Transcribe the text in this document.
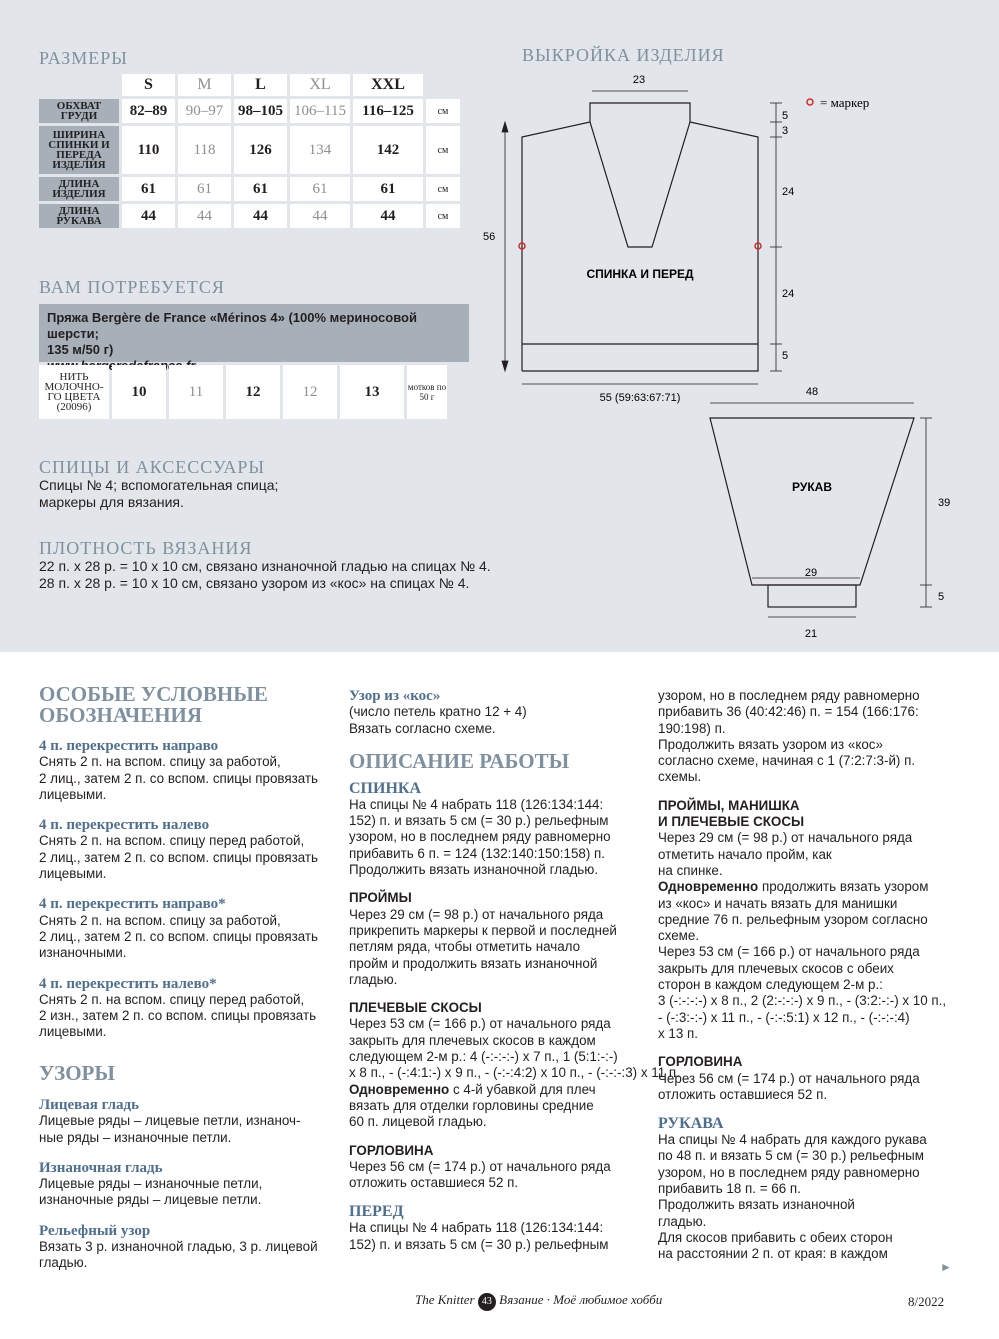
РАЗМЕРЫ
	S	M	L	XL	XXL	
ОБХВАТ ГРУДИ	82–89	90–97	98–105	106–115	116–125	см
ШИРИНА СПИНКИ И ПЕРЕДА ИЗДЕЛИЯ	110	118	126	134	142	см
ДЛИНА ИЗДЕЛИЯ	61	61	61	61	61	см
ДЛИНА РУКАВА	44	44	44	44	44	см
ВАМ ПОТРЕБУЕТСЯ
Пряжа Bergère de France «Mérinos 4» (100% мериносовой шерсти;
135 м/50 г)
НИТЬ МОЛОЧНО- ГО ЦВЕТА (20096)	10	11	12	12	13	мотков по 50 г
СПИЦЫ И АКСЕССУАРЫ
Спицы № 4; вспомогательная спица;
маркеры для вязания.
ПЛОТНОСТЬ ВЯЗАНИЯ
22 п. х 28 р. = 10 х 10 см, связано изнаночной гладью на спицах № 4.
28 п. х 28 р. = 10 х 10 см, связано узором из «кос» на спицах № 4.
ВЫКРОЙКА ИЗДЕЛИЯ
= маркер
СПИНКА И ПЕРЕД
РУКАВ
23
5
3
24
24
5
56
55 (59:63:67:71)	48
39
29
5
21
ОСОБЫЕ УСЛОВНЫЕ
ОБОЗНАЧЕНИЯ
4 п. перекрестить направо
Снять 2 п. на вспом. спицу за работой,
2 лиц., затем 2 п. со вспом. спицы провязать
лицевыми.
4 п. перекрестить налево
Снять 2 п. на вспом. спицу перед работой,
2 лиц., затем 2 п. со вспом. спицы провязать
лицевыми.
4 п. перекрестить направо*
Снять 2 п. на вспом. спицу за работой,
2 лиц., затем 2 п. со вспом. спицы провязать
изнаночными.
4 п. перекрестить налево*
Снять 2 п. на вспом. спицу перед работой,
2 изн., затем 2 п. со вспом. спицы провязать
лицевыми.
УЗОРЫ
Лицевая гладь
Лицевые ряды – лицевые петли, изнаноч-
ные ряды – изнаночные петли.
Изнаночная гладь
Лицевые ряды – изнаночные петли,
изнаночные ряды – лицевые петли.
Рельефный узор
Вязать 3 р. изнаночной гладью, 3 р. лицевой
гладью.
Узор из «кос»
(число петель кратно 12 + 4)
Вязать согласно схеме.
ОПИСАНИЕ РАБОТЫ
СПИНКА
На спицы № 4 набрать 118 (126:134:144:
152) п. и вязать 5 см (= 30 р.) рельефным
узором, но в последнем ряду равномерно
прибавить 6 п. = 124 (132:140:150:158) п.
Продолжить вязать изнаночной гладью.
ПРОЙМЫ
Через 29 см (= 98 р.) от начального ряда
прикрепить маркеры к первой и последней
петлям ряда, чтобы отметить начало
пройм и продолжить вязать изнаночной
гладью.
ПЛЕЧЕВЫЕ СКОСЫ
Через 53 см (= 166 р.) от начального ряда
закрыть для плечевых скосов в каждом
следующем 2-м р.: 4 (-:-:-:-) х 7 п., 1 (5:1:-:-)
х 8 п., - (-:4:1:-) х 9 п., - (-:-:4:2) х 10 п., - (-:-:-:3) х 11 п.
Одновременно с 4-й убавкой для плеч
вязать для отделки горловины средние
60 п. лицевой гладью.
ГОРЛОВИНА
Через 56 см (= 174 р.) от начального ряда
отложить оставшиеся 52 п.
ПЕРЕД
На спицы № 4 набрать 118 (126:134:144:
152) п. и вязать 5 см (= 30 р.) рельефным
узором, но в последнем ряду равномерно
прибавить 36 (40:42:46) п. = 154 (166:176:
190:198) п.
Продолжить вязать узором из «кос»
согласно схеме, начиная с 1 (7:2:7:3-й) п.
схемы.
ПРОЙМЫ, МАНИШКА
И ПЛЕЧЕВЫЕ СКОСЫ
Через 29 см (= 98 р.) от начального ряда
отметить начало пройм, как
на спинке.
Одновременно продолжить вязать узором
из «кос» и начать вязать для манишки
средние 76 п. рельефным узором согласно
схеме.
Через 53 см (= 166 р.) от начального ряда
закрыть для плечевых скосов с обеих
сторон в каждом следующем 2-м р.:
3 (-:-:-:-) х 8 п., 2 (2:-:-:-) х 9 п., - (3:2:-:-) х 10 п.,
- (-:3:-:-) х 11 п., - (-:-:5:1) х 12 п., - (-:-:-:4)
х 13 п.
ГОРЛОВИНА
Через 56 см (= 174 р.) от начального ряда
отложить оставшиеся 52 п.
РУКАВА
На спицы № 4 набрать для каждого рукава
по 48 п. и вязать 5 см (= 30 р.) рельефным
узором, но в последнем ряду равномерно
прибавить 18 п. = 66 п.
Продолжить вязать изнаночной
гладью.
Для скосов прибавить с обеих сторон
на расстоянии 2 п. от края: в каждом
►
The Knitter 43 Вязание · Моё любимое хобби	8/2022
